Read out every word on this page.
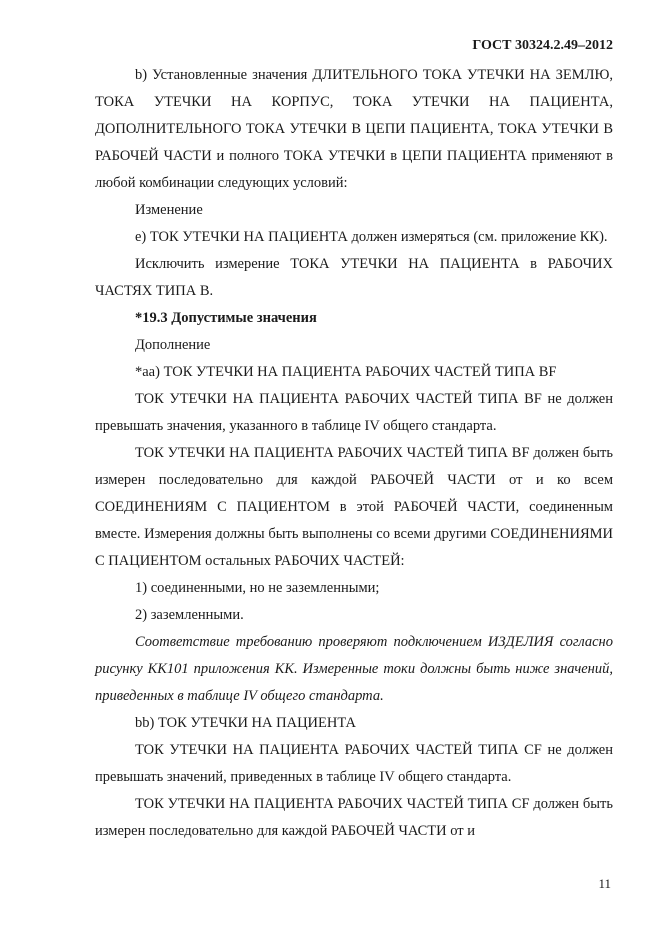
ГОСТ 30324.2.49–2012

b) Установленные значения ДЛИТЕЛЬНОГО ТОКА УТЕЧКИ НА ЗЕМЛЮ, ТОКА УТЕЧКИ НА КОРПУС, ТОКА УТЕЧКИ НА ПАЦИЕНТА, ДОПОЛНИТЕЛЬНОГО ТОКА УТЕЧКИ В ЦЕПИ ПАЦИЕНТА, ТОКА УТЕЧКИ В РАБОЧЕЙ ЧАСТИ и полного ТОКА УТЕЧКИ в ЦЕПИ ПАЦИЕНТА применяют в любой комбинации следующих условий:

Изменение

e) ТОК УТЕЧКИ НА ПАЦИЕНТА должен измеряться (см. приложение КК).

Исключить измерение ТОКА УТЕЧКИ НА ПАЦИЕНТА в РАБОЧИХ ЧАСТЯХ ТИПА В.

*19.3 Допустимые значения

Дополнение

*аа) ТОК УТЕЧКИ НА ПАЦИЕНТА РАБОЧИХ ЧАСТЕЙ ТИПА BF

ТОК УТЕЧКИ НА ПАЦИЕНТА РАБОЧИХ ЧАСТЕЙ ТИПА BF не должен превышать значения, указанного в таблице IV общего стандарта.

ТОК УТЕЧКИ НА ПАЦИЕНТА РАБОЧИХ ЧАСТЕЙ ТИПА BF должен быть измерен последовательно для каждой РАБОЧЕЙ ЧАСТИ от и ко всем СОЕДИНЕНИЯМ С ПАЦИЕНТОМ в этой РАБОЧЕЙ ЧАСТИ, соединенным вместе. Измерения должны быть выполнены со всеми другими СОЕДИНЕНИЯМИ С ПАЦИЕНТОМ остальных РАБОЧИХ ЧАСТЕЙ:

1) соединенными, но не заземленными;

2) заземленными.

Соответствие требованию проверяют подключением ИЗДЕЛИЯ согласно рисунку КК101 приложения КК. Измеренные токи должны быть ниже значений, приведенных в таблице IV общего стандарта.

bb) ТОК УТЕЧКИ НА ПАЦИЕНТА

ТОК УТЕЧКИ НА ПАЦИЕНТА РАБОЧИХ ЧАСТЕЙ ТИПА CF не должен превышать значений, приведенных в таблице IV общего стандарта.

ТОК УТЕЧКИ НА ПАЦИЕНТА РАБОЧИХ ЧАСТЕЙ ТИПА CF должен быть измерен последовательно для каждой РАБОЧЕЙ ЧАСТИ от и

11
